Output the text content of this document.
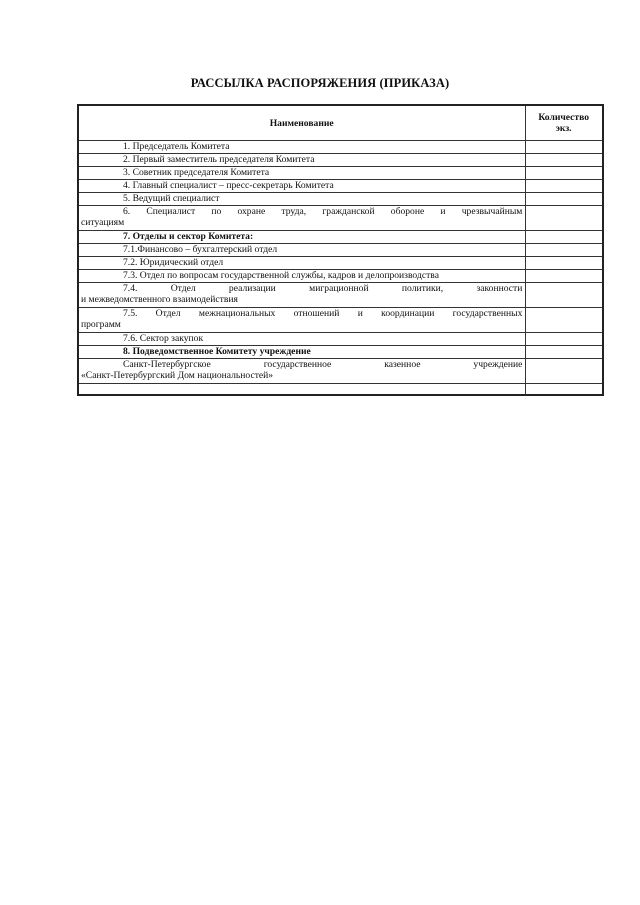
РАССЫЛКА РАСПОРЯЖЕНИЯ (ПРИКАЗА)
Наименование	Количество
экз.

1. Председатель Комитета	
2. Первый заместитель председателя Комитета	
3. Советник председателя Комитета	
4. Главный специалист – пресс-секретарь Комитета	
5. Ведущий специалист	

6. Специалист по охране труда, гражданской обороне и чрезвычайным
ситуациям	

7. Отделы и сектор Комитета:	
7.1.Финансово – бухгалтерский отдел	
7.2. Юридический отдел	
7.3. Отдел по вопросам государственной службы, кадров и делопроизводства	

7.4. Отдел реализации миграционной политики, законности
и межведомственного взаимодействия	

7.5. Отдел межнациональных отношений и координации государственных
программ	

7.6. Сектор закупок	
8. Подведомственное Комитету учреждение	

Санкт-Петербургское государственное казенное учреждение
«Санкт-Петербургский Дом национальностей»	
